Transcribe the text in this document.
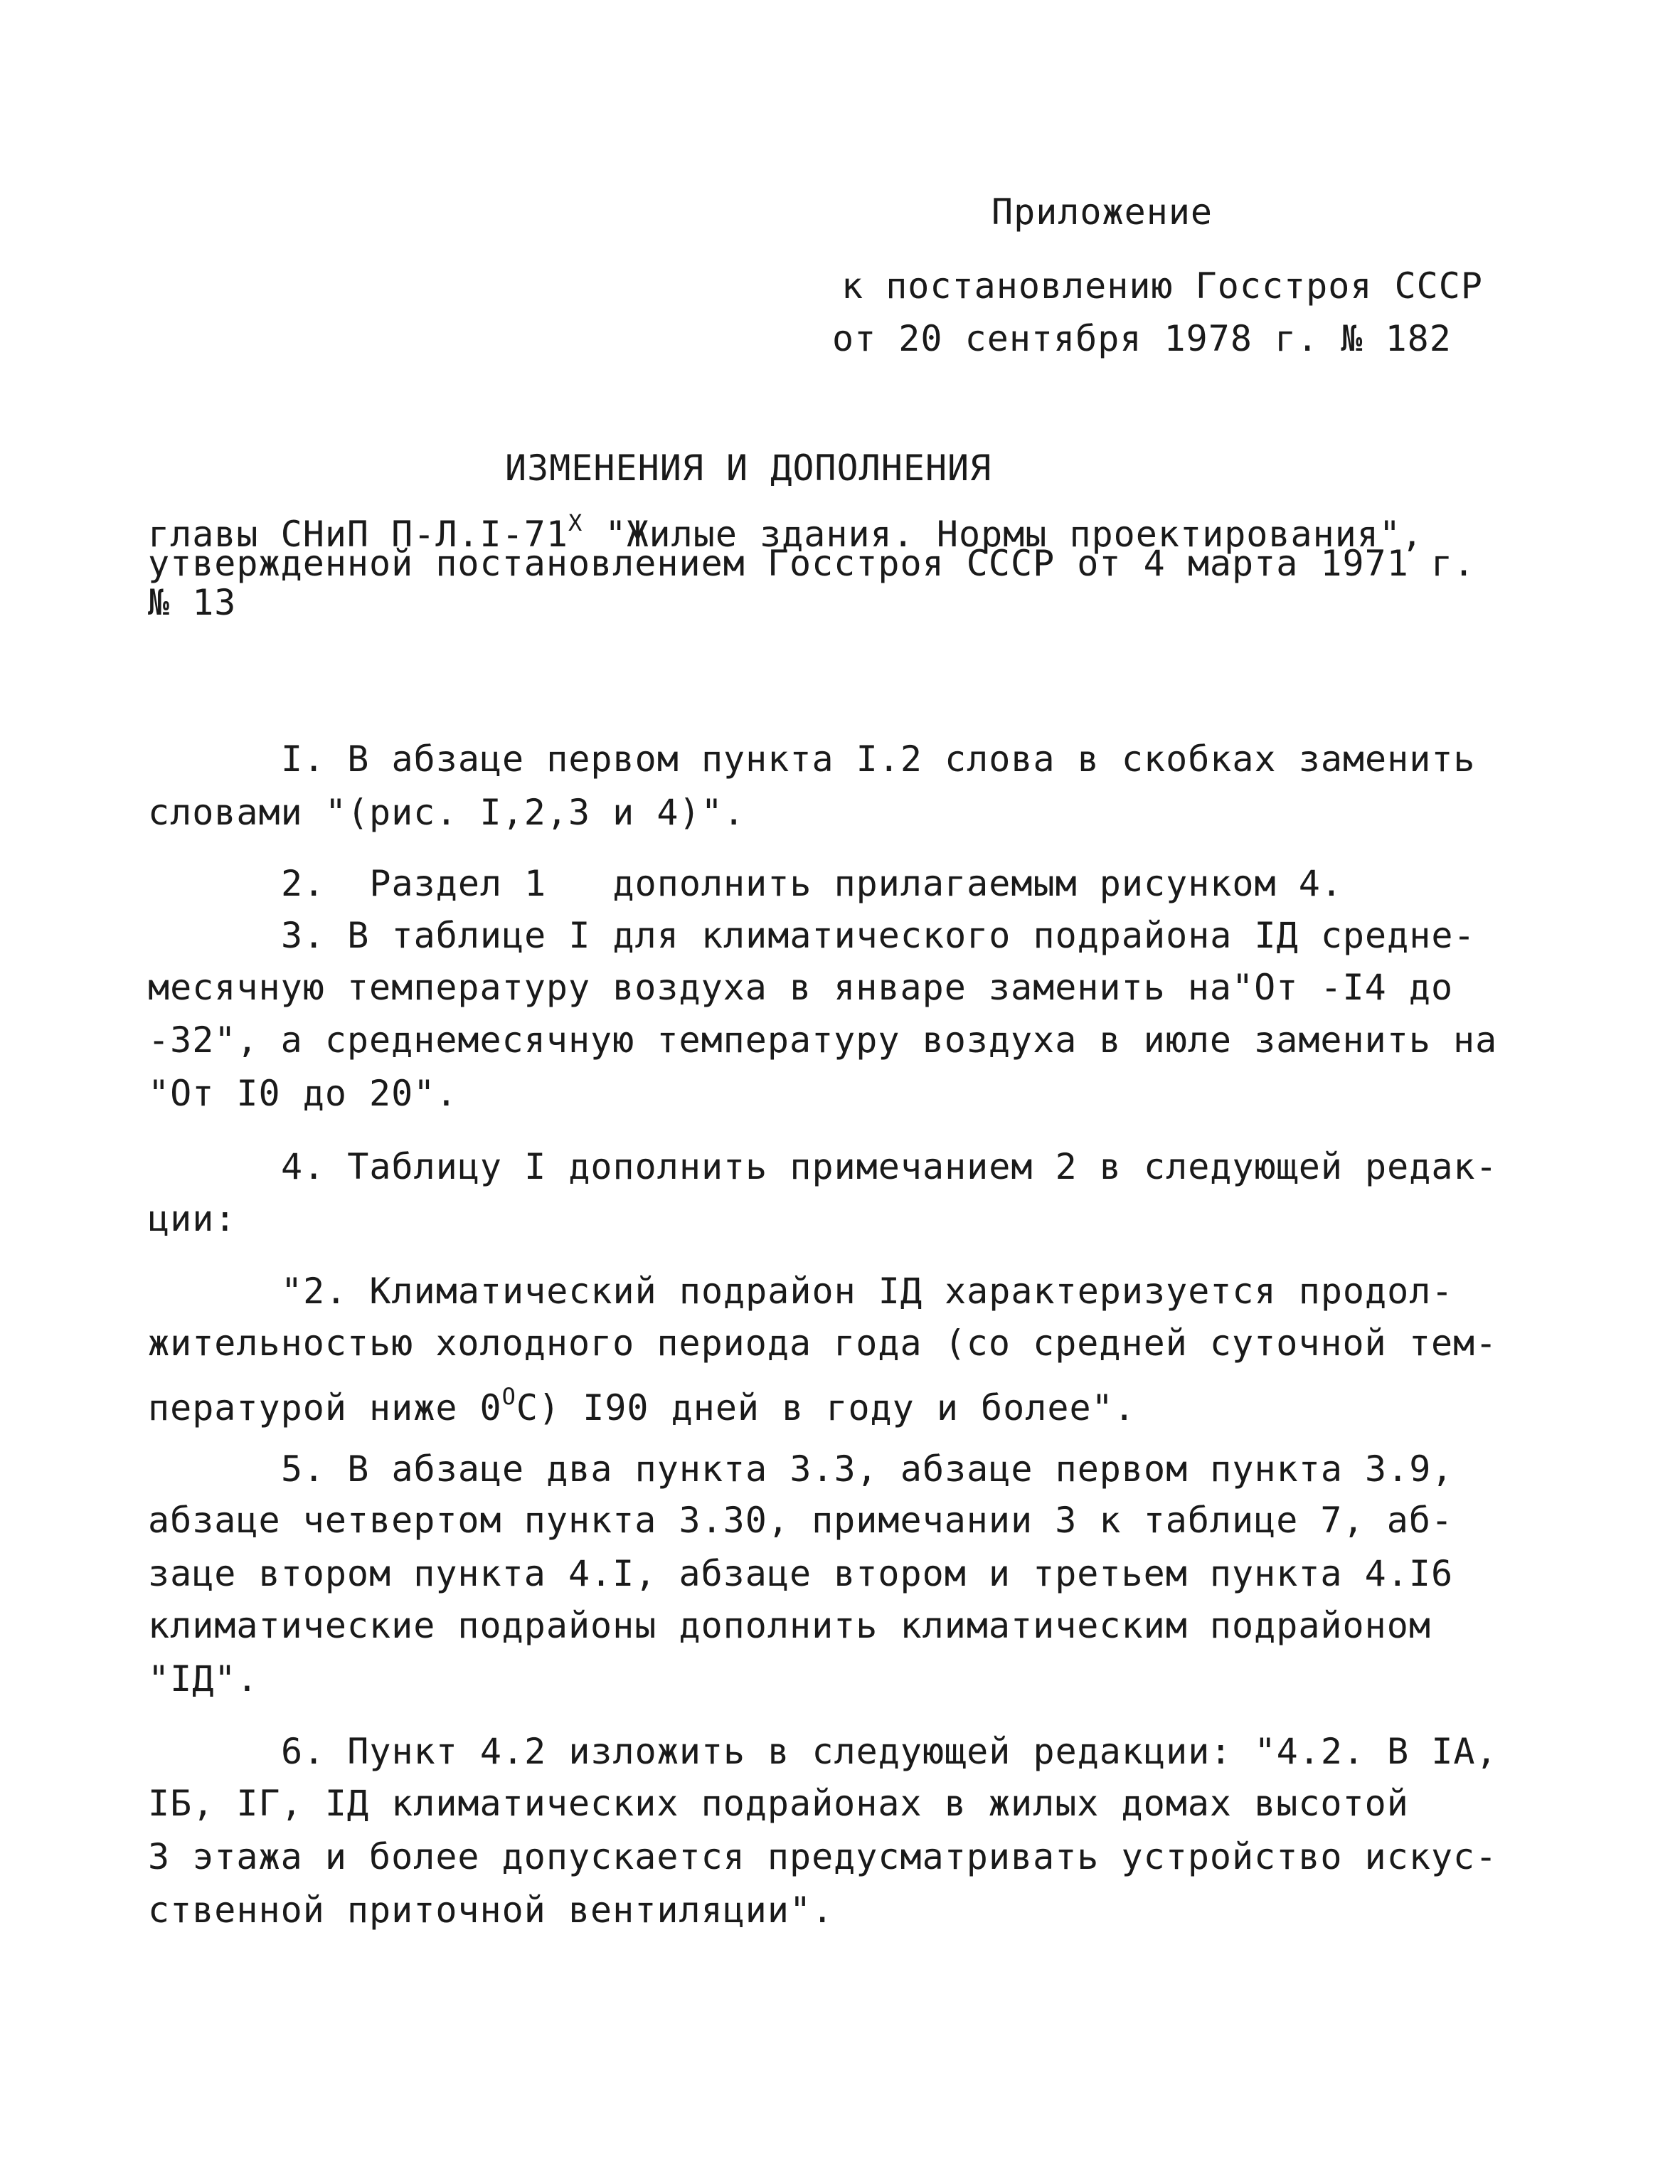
Приложение
к постановлению Госстроя СССР
от 20 сентября 1978 г. № 182
ИЗМЕНЕНИЯ И ДОПОЛНЕНИЯ
главы СНиП $П-Л.I-71^Х$ "Жилые здания. Нормы проектирования",
утвержденной постановлением Госстроя СССР от 4 марта 1971 г.
№ 13
I. В абзаце первом пункта I.2 слова в скобках заменить
словами "(рис. I,2,3 и 4)".
2.  Раздел 1   дополнить прилагаемым рисунком 4.
3. В таблице I для климатического подрайона IД средне-
месячную температуру воздуха в январе заменить на"От -I4 до
-32", а среднемесячную температуру воздуха в июле заменить на
"От I0 до 20".
4. Таблицу I дополнить примечанием 2 в следующей редак-
ции:
"2. Климатический подрайон IД характеризуется продол-
жительностью холодного периода года (со средней суточной тем-
пературой ниже $0^ОС$) I90 дней в году и более".
5. В абзаце два пункта 3.3, абзаце первом пункта 3.9,
абзаце четвертом пункта 3.30, примечании 3 к таблице 7, аб-
заце втором пункта 4.I, абзаце втором и третьем пункта 4.I6
климатические подрайоны дополнить климатическим подрайоном
"IД".
6. Пункт 4.2 изложить в следующей редакции: "4.2. В IА,
IБ, IГ, IД климатических подрайонах в жилых домах высотой
3 этажа и более допускается предусматривать устройство искус-
ственной приточной вентиляции".
